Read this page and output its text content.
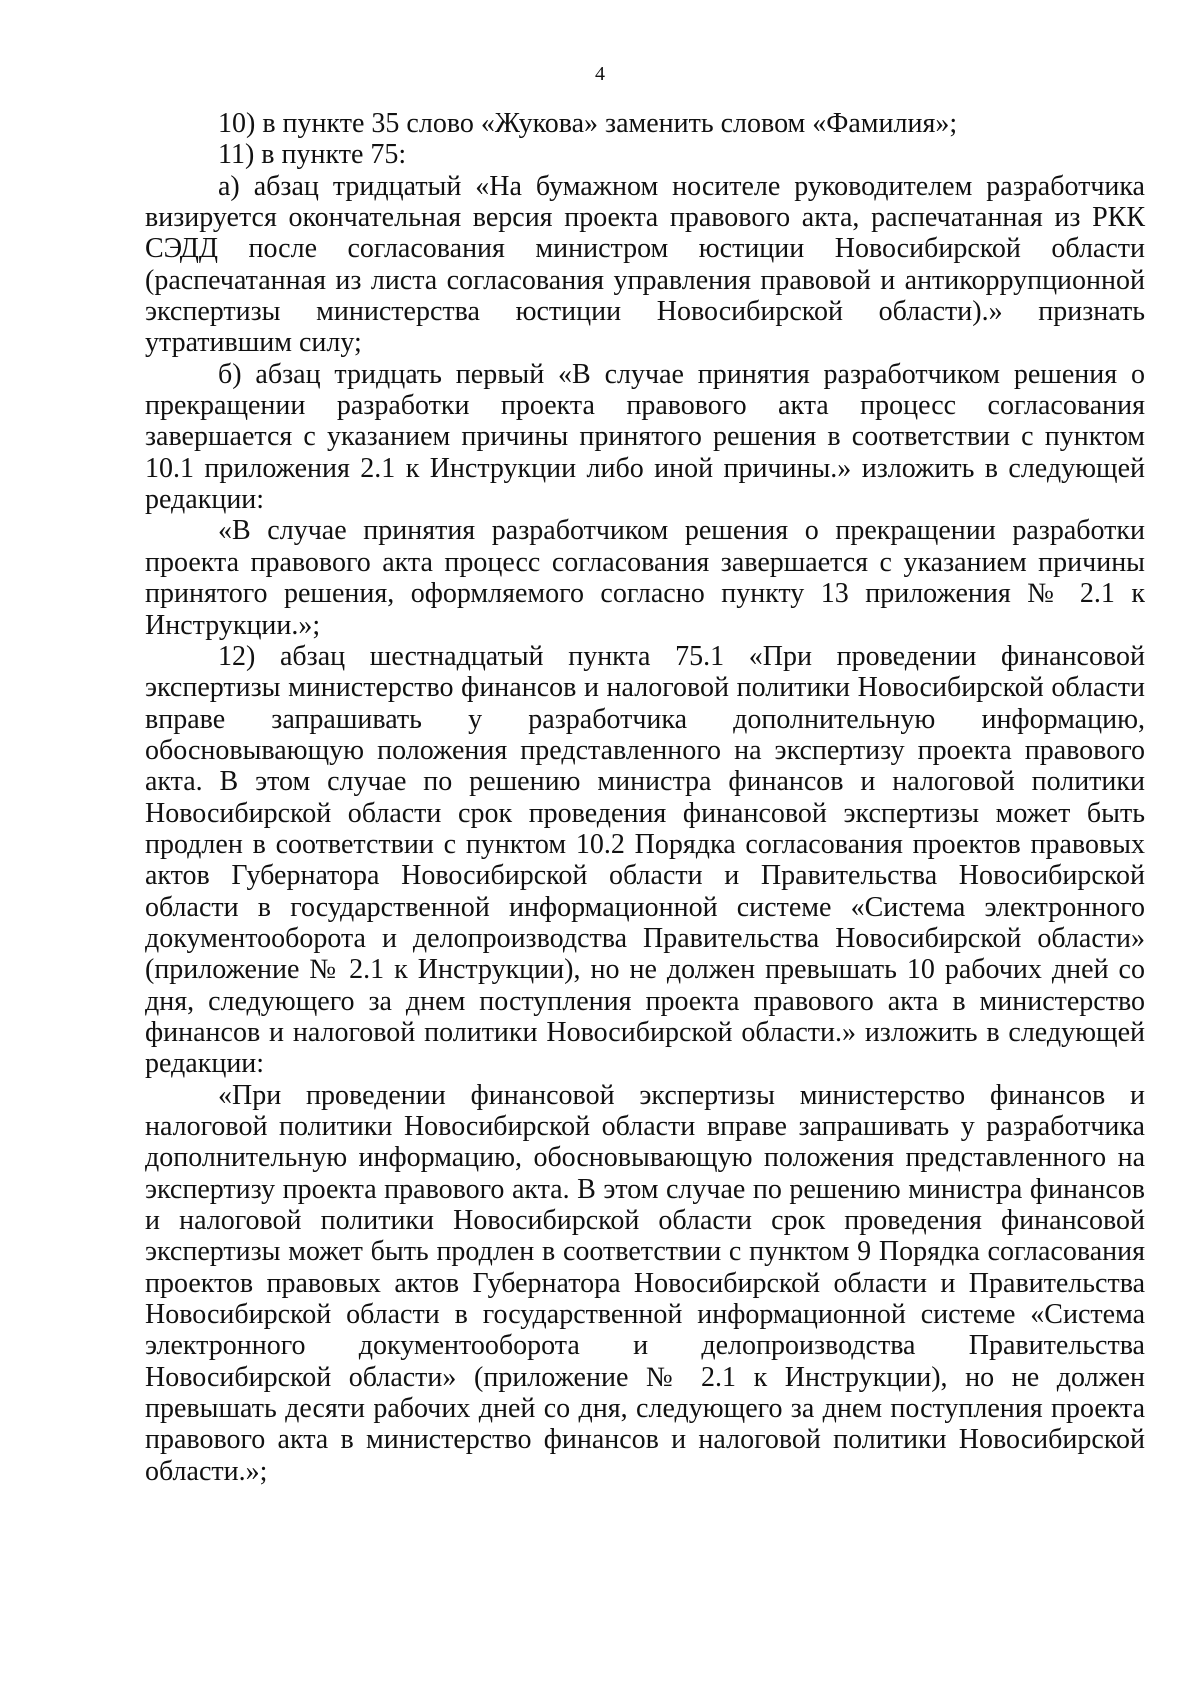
4

10) в пункте 35 слово «Жукова» заменить словом «Фамилия»;

11) в пункте 75:

а) абзац тридцатый «На бумажном носителе руководителем разработчика визируется окончательная версия проекта правового акта, распечатанная из РКК СЭДД после согласования министром юстиции Новосибирской области (распечатанная из листа согласования управления правовой и антикоррупционной экспертизы министерства юстиции Новосибирской области).» признать утратившим силу;

б) абзац тридцать первый «В случае принятия разработчиком решения о прекращении разработки проекта правового акта процесс согласования завершается с указанием причины принятого решения в соответствии с пунктом 10.1 приложения 2.1 к Инструкции либо иной причины.» изложить в следующей редакции:

«В случае принятия разработчиком решения о прекращении разработки проекта правового акта процесс согласования завершается с указанием причины принятого решения, оформляемого согласно пункту 13 приложения № 2.1 к Инструкции.»;

12) абзац шестнадцатый пункта 75.1 «При проведении финансовой экспертизы министерство финансов и налоговой политики Новосибирской области вправе запрашивать у разработчика дополнительную информацию, обосновывающую положения представленного на экспертизу проекта правового акта. В этом случае по решению министра финансов и налоговой политики Новосибирской области срок проведения финансовой экспертизы может быть продлен в соответствии с пунктом 10.2 Порядка согласования проектов правовых актов Губернатора Новосибирской области и Правительства Новосибирской области в государственной информационной системе «Система электронного документооборота и делопроизводства Правительства Новосибирской области» (приложение № 2.1 к Инструкции), но не должен превышать 10 рабочих дней со дня, следующего за днем поступления проекта правового акта в министерство финансов и налоговой политики Новосибирской области.» изложить в следующей редакции:

«При проведении финансовой экспертизы министерство финансов и налоговой политики Новосибирской области вправе запрашивать у разработчика дополнительную информацию, обосновывающую положения представленного на экспертизу проекта правового акта. В этом случае по решению министра финансов и налоговой политики Новосибирской области срок проведения финансовой экспертизы может быть продлен в соответствии с пунктом 9 Порядка согласования проектов правовых актов Губернатора Новосибирской области и Правительства Новосибирской области в государственной информационной системе «Система электронного документооборота и делопроизводства Правительства Новосибирской области» (приложение № 2.1 к Инструкции), но не должен превышать десяти рабочих дней со дня, следующего за днем поступления проекта правового акта в министерство финансов и налоговой политики Новосибирской области.»;
